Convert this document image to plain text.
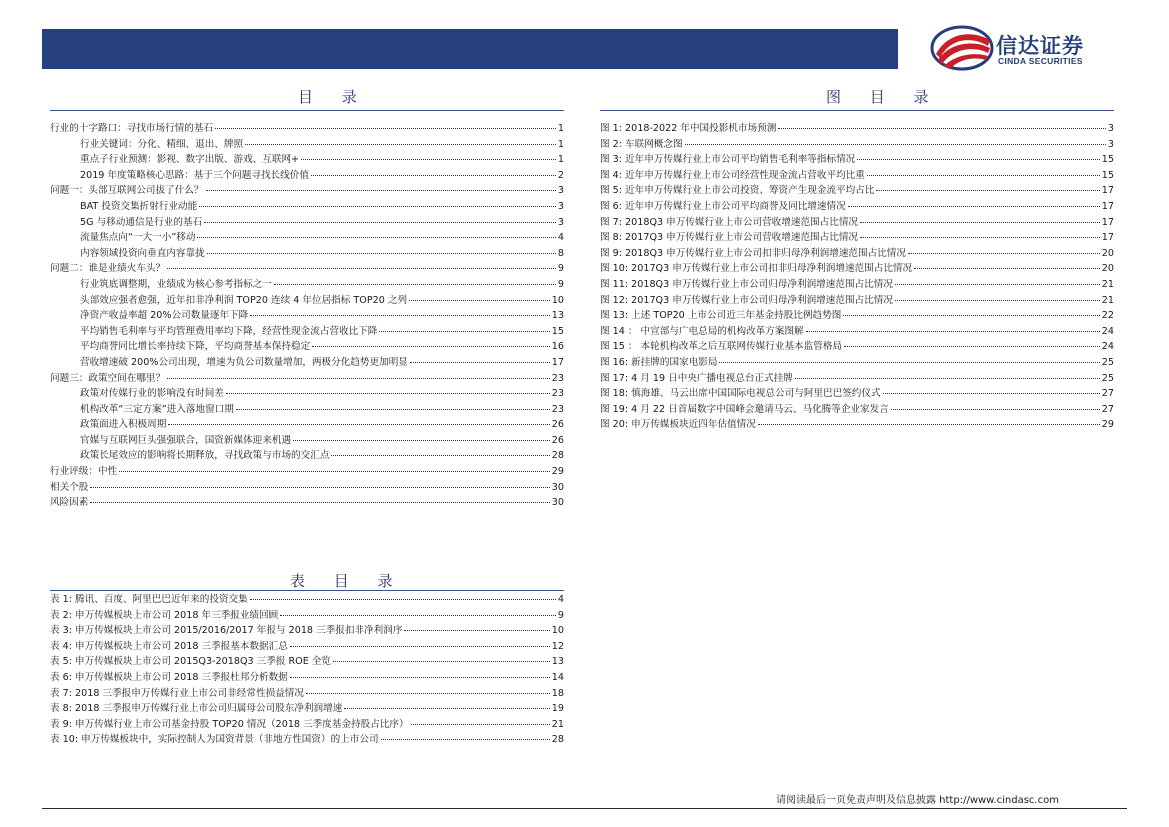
信达证券
CINDA SECURITIES
目 录
行业的十字路口：寻找市场行情的基石	1
行业关键词：分化、精细、退出、牌照	1
重点子行业预测：影视、数字出版、游戏、互联网+	1
2019 年度策略核心思路：基于三个问题寻找长线价值	2
问题一：头部互联网公司拔了什么？	3
BAT 投资交集折射行业动能	3
5G 与移动通信是行业的基石	3
流量焦点向“一大一小”移动	4
内容领域投资向垂直内容靠拢	8
问题二：谁是业绩火车头？	9
行业筑底调整期，业绩成为核心参考指标之一	9
头部效应强者愈强，近年扣非净利润 TOP20 连续 4 年位居指标 TOP20 之列	10
净资产收益率超 20%公司数量逐年下降	13
平均销售毛利率与平均管理费用率均下降，经营性现金流占营收比下降	15
平均商誉同比增长率持续下降，平均商誉基本保持稳定	16
营收增速破 200%公司出现，增速为负公司数量增加，两极分化趋势更加明显	17
问题三：政策空间在哪里？	23
政策对传媒行业的影响没有时间差	23
机构改革“三定方案”进入落地窗口期	23
政策面进入积极周期	26
官媒与互联网巨头强强联合，国资新媒体迎来机遇	26
政策长尾效应的影响将长期释放，寻找政策与市场的交汇点	28
行业评级：中性	29
相关个股	30
风险因素	30
图 目 录
图 1: 2018-2022 年中国投影机市场预测	3
图 2: 车联网概念图	3
图 3: 近年申万传媒行业上市公司平均销售毛利率等指标情况	15
图 4: 近年申万传媒行业上市公司经营性现金流占营收平均比重	15
图 5: 近年申万传媒行业上市公司投资、筹资产生现金流平均占比	17
图 6: 近年申万传媒行业上市公司平均商誉及同比增速情况	17
图 7: 2018Q3 申万传媒行业上市公司营收增速范围占比情况	17
图 8: 2017Q3 申万传媒行业上市公司营收增速范围占比情况	17
图 9: 2018Q3 申万传媒行业上市公司扣非归母净利润增速范围占比情况	20
图 10: 2017Q3 申万传媒行业上市公司扣非归母净利润增速范围占比情况	20
图 11: 2018Q3 申万传媒行业上市公司归母净利润增速范围占比情况	21
图 12: 2017Q3 申万传媒行业上市公司归母净利润增速范围占比情况	21
图 13: 上述 TOP20 上市公司近三年基金持股比例趋势图	22
图 14 ： 中宣部与广电总局的机构改革方案图解	24
图 15 ： 本轮机构改革之后互联网传媒行业基本监管格局	24
图 16: 新挂牌的国家电影局	25
图 17: 4 月 19 日中央广播电视总台正式挂牌	25
图 18: 慎海雄、马云出席中国国际电视总公司与阿里巴巴签约仪式	27
图 19: 4 月 22 日首届数字中国峰会邀请马云、马化腾等企业家发言	27
图 20: 申万传媒板块近四年估值情况	29
表 目 录
表 1: 腾讯、百度、阿里巴巴近年来的投资交集	4
表 2: 申万传媒板块上市公司 2018 年三季报业绩回顾	9
表 3: 申万传媒板块上市公司 2015/2016/2017 年报与 2018 三季报扣非净利润序	10
表 4: 申万传媒板块上市公司 2018 三季报基本数据汇总	12
表 5: 申万传媒板块上市公司 2015Q3-2018Q3 三季报 ROE 全览	13
表 6: 申万传媒板块上市公司 2018 三季报杜邦分析数据	14
表 7: 2018 三季报申万传媒行业上市公司非经常性损益情况	18
表 8: 2018 三季报申万传媒行业上市公司归属母公司股东净利润增速	19
表 9: 申万传媒行业上市公司基金持股 TOP20 情况（2018 三季度基金持股占比序）	21
表 10: 申万传媒板块中，实际控制人为国资背景（非地方性国资）的上市公司	28
请阅读最后一页免责声明及信息披露 http://www.cindasc.com
